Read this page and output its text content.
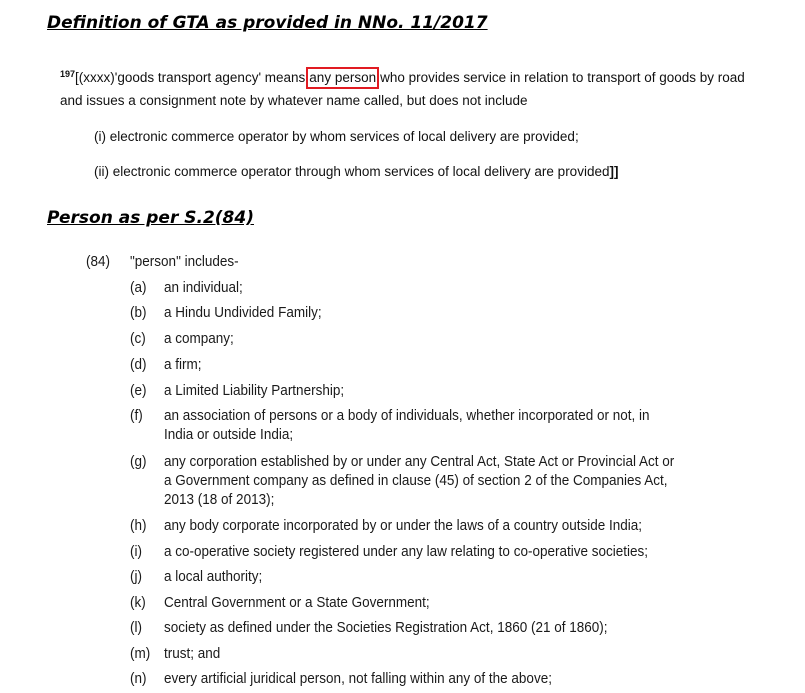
Definition of GTA as provided in NNo. 11/2017
$^{197}$[(xxxx)'goods transport agency' means any person who provides service in relation to transport of goods by road
and issues a consignment note by whatever name called, but does not include
(i) electronic commerce operator by whom services of local delivery are provided;
(ii) electronic commerce operator through whom services of local delivery are provided]]
Person as per S.2(84)
(84) "person" includes-
(a) an individual;
(b) a Hindu Undivided Family;
(c) a company;
(d) a firm;
(e) a Limited Liability Partnership;
(f) an association of persons or a body of individuals, whether incorporated or not, in
India or outside India;
(g) any corporation established by or under any Central Act, State Act or Provincial Act or
a Government company as defined in clause (45) of section 2 of the Companies Act,
2013 (18 of 2013);
(h) any body corporate incorporated by or under the laws of a country outside India;
(i) a co-operative society registered under any law relating to co-operative societies;
(j) a local authority;
(k) Central Government or a State Government;
(l) society as defined under the Societies Registration Act, 1860 (21 of 1860);
(m) trust; and
(n) every artificial juridical person, not falling within any of the above;
